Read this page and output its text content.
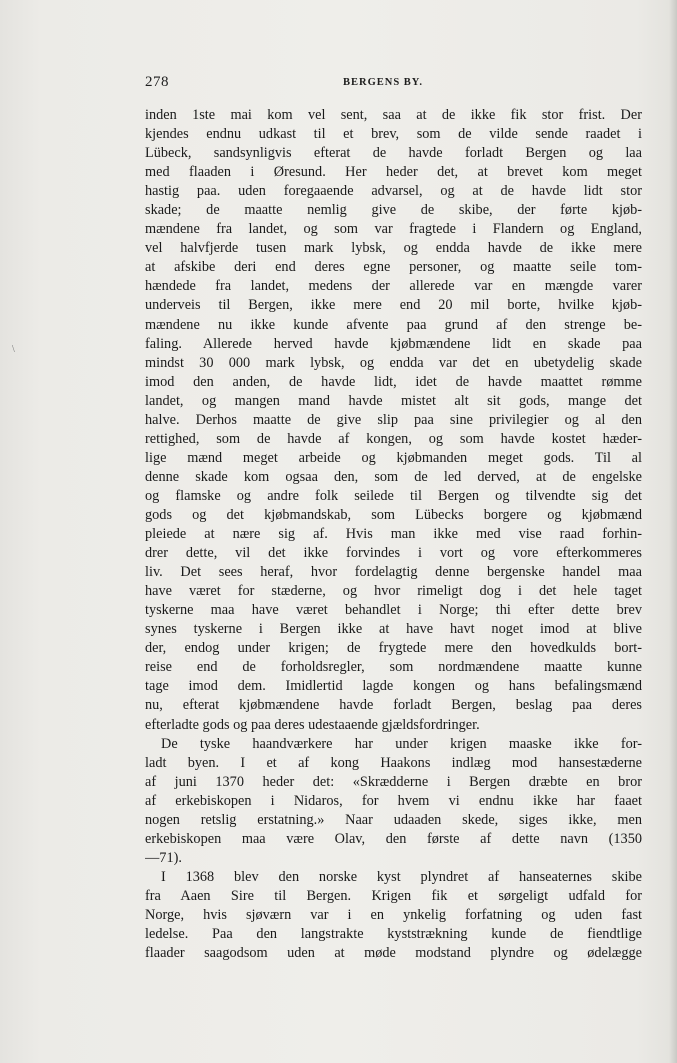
278	BERGENS BY.
\
inden 1ste mai kom vel sent, saa at de ikke fik stor frist. Der
kjendes endnu udkast til et brev, som de vilde sende raadet i
Lübeck, sandsynligvis efterat de havde forladt Bergen og laa
med flaaden i Øresund. Her heder det, at brevet kom meget
hastig paa. uden foregaaende advarsel, og at de havde lidt stor
skade; de maatte nemlig give de skibe, der førte kjøb-
mændene fra landet, og som var fragtede i Flandern og England,
vel halvfjerde tusen mark lybsk, og endda havde de ikke mere
at afskibe deri end deres egne personer, og maatte seile tom-
hændede fra landet, medens der allerede var en mængde varer
underveis til Bergen, ikke mere end 20 mil borte, hvilke kjøb-
mændene nu ikke kunde afvente paa grund af den strenge be-
faling. Allerede herved havde kjøbmændene lidt en skade paa
mindst 30 000 mark lybsk, og endda var det en ubetydelig skade
imod den anden, de havde lidt, idet de havde maattet rømme
landet, og mangen mand havde mistet alt sit gods, mange det
halve. Derhos maatte de give slip paa sine privilegier og al den
rettighed, som de havde af kongen, og som havde kostet hæder-
lige mænd meget arbeide og kjøbmanden meget gods. Til al
denne skade kom ogsaa den, som de led derved, at de engelske
og flamske og andre folk seilede til Bergen og tilvendte sig det
gods og det kjøbmandskab, som Lübecks borgere og kjøbmænd
pleiede at nære sig af. Hvis man ikke med vise raad forhin-
drer dette, vil det ikke forvindes i vort og vore efterkommeres
liv. Det sees heraf, hvor fordelagtig denne bergenske handel maa
have været for stæderne, og hvor rimeligt dog i det hele taget
tyskerne maa have været behandlet i Norge; thi efter dette brev
synes tyskerne i Bergen ikke at have havt noget imod at blive
der, endog under krigen; de frygtede mere den hovedkulds bort-
reise end de forholdsregler, som nordmændene maatte kunne
tage imod dem. Imidlertid lagde kongen og hans befalingsmænd
nu, efterat kjøbmændene havde forladt Bergen, beslag paa deres
efterladte gods og paa deres udestaaende gjældsfordringer.
De tyske haandværkere har under krigen maaske ikke for-
ladt byen. I et af kong Haakons indlæg mod hansestæderne
af juni 1370 heder det: «Skrædderne i Bergen dræbte en bror
af erkebiskopen i Nidaros, for hvem vi endnu ikke har faaet
nogen retslig erstatning.» Naar udaaden skede, siges ikke, men
erkebiskopen maa være Olav, den første af dette navn (1350
—71).
I 1368 blev den norske kyst plyndret af hanseaternes skibe
fra Aaen Sire til Bergen. Krigen fik et sørgeligt udfald for
Norge, hvis sjøværn var i en ynkelig forfatning og uden fast
ledelse. Paa den langstrakte kyststrækning kunde de fiendtlige
flaader saagodsom uden at møde modstand plyndre og ødelægge
